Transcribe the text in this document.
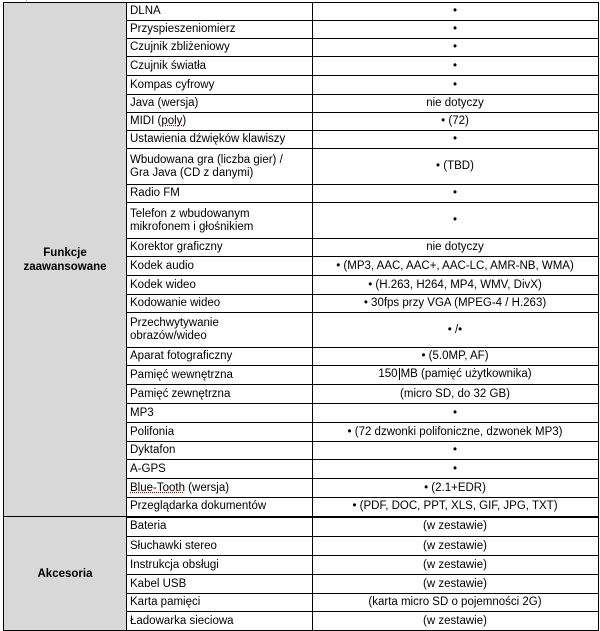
Funkcje
zaawansowane	DLNA	•
	Przyspieszeniomierz	•
	Czujnik zbliżeniowy	•
	Czujnik światła	•
	Kompas cyfrowy	•
	Java (wersja)	nie dotyczy
	MIDI (poly)	• (72)
	Ustawienia dźwięków klawiszy	•
	Wbudowana gra (liczba gier) /
Gra Java (CD z danymi)	• (TBD)
	Radio FM	•
	Telefon z wbudowanym
mikrofonem i głośnikiem	•
	Korektor graficzny	nie dotyczy
	Kodek audio	• (MP3, AAC, AAC+, AAC-LC, AMR-NB, WMA)
	Kodek wideo	• (H.263, H264, MP4, WMV, DivX)
	Kodowanie wideo	• 30fps przy VGA (MPEG-4 / H.263)
	Przechwytywanie
obrazów/wideo	• /•
	Aparat fotograficzny	• (5.0MP, AF)
	Pamięć wewnętrzna	150 MB (pamięć użytkownika)
	Pamięć zewnętrzna	(micro SD, do 32 GB)
	MP3	•
	Polifonia	• (72 dzwonki polifoniczne, dzwonek MP3)
	Dyktafon	•
	A-GPS	•
	Blue-Tooth (wersja)	• (2.1+EDR)
	Przeglądarka dokumentów	• (PDF, DOC, PPT, XLS, GIF, JPG, TXT)
Akcesoria	Bateria	(w zestawie)
	Słuchawki stereo	(w zestawie)
	Instrukcja obsługi	(w zestawie)
	Kabel USB	(w zestawie)
	Karta pamięci	(karta micro SD o pojemności 2G)
	Ładowarka sieciowa	(w zestawie)
